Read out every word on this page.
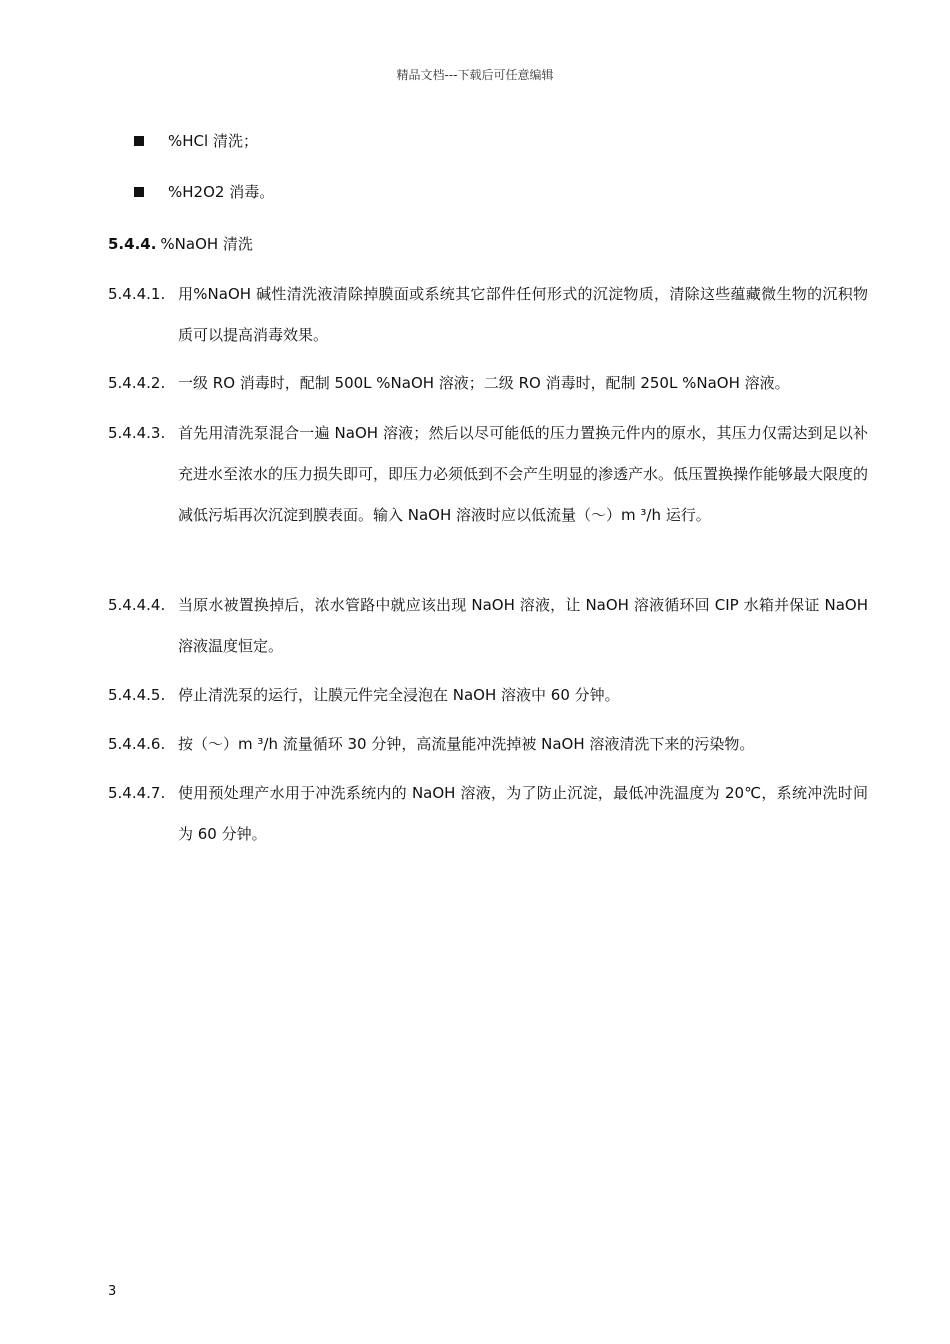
精品文档---下载后可任意编辑
%HCl 清洗；
%H2O2 消毒。
5.4.4. %NaOH 清洗
5.4.4.1. 用%NaOH 碱性清洗液清除掉膜面或系统其它部件任何形式的沉淀物质，清除这些蕴藏微生物的沉积物质可以提高消毒效果。
5.4.4.2. 一级 RO 消毒时，配制 500L %NaOH 溶液；二级 RO 消毒时，配制 250L %NaOH 溶液。
5.4.4.3. 首先用清洗泵混合一遍 NaOH 溶液；然后以尽可能低的压力置换元件内的原水，其压力仅需达到足以补充进水至浓水的压力损失即可，即压力必须低到不会产生明显的渗透产水。低压置换操作能够最大限度的减低污垢再次沉淀到膜表面。输入 NaOH 溶液时应以低流量（～）m ³/h 运行。
5.4.4.4. 当原水被置换掉后，浓水管路中就应该出现 NaOH 溶液，让 NaOH 溶液循环回 CIP 水箱并保证 NaOH 溶液温度恒定。
5.4.4.5. 停止清洗泵的运行，让膜元件完全浸泡在 NaOH 溶液中 60 分钟。
5.4.4.6. 按（～）m ³/h 流量循环 30 分钟，高流量能冲洗掉被 NaOH 溶液清洗下来的污染物。
5.4.4.7. 使用预处理产水用于冲洗系统内的 NaOH 溶液，为了防止沉淀，最低冲洗温度为 20℃，系统冲洗时间为 60 分钟。
3
